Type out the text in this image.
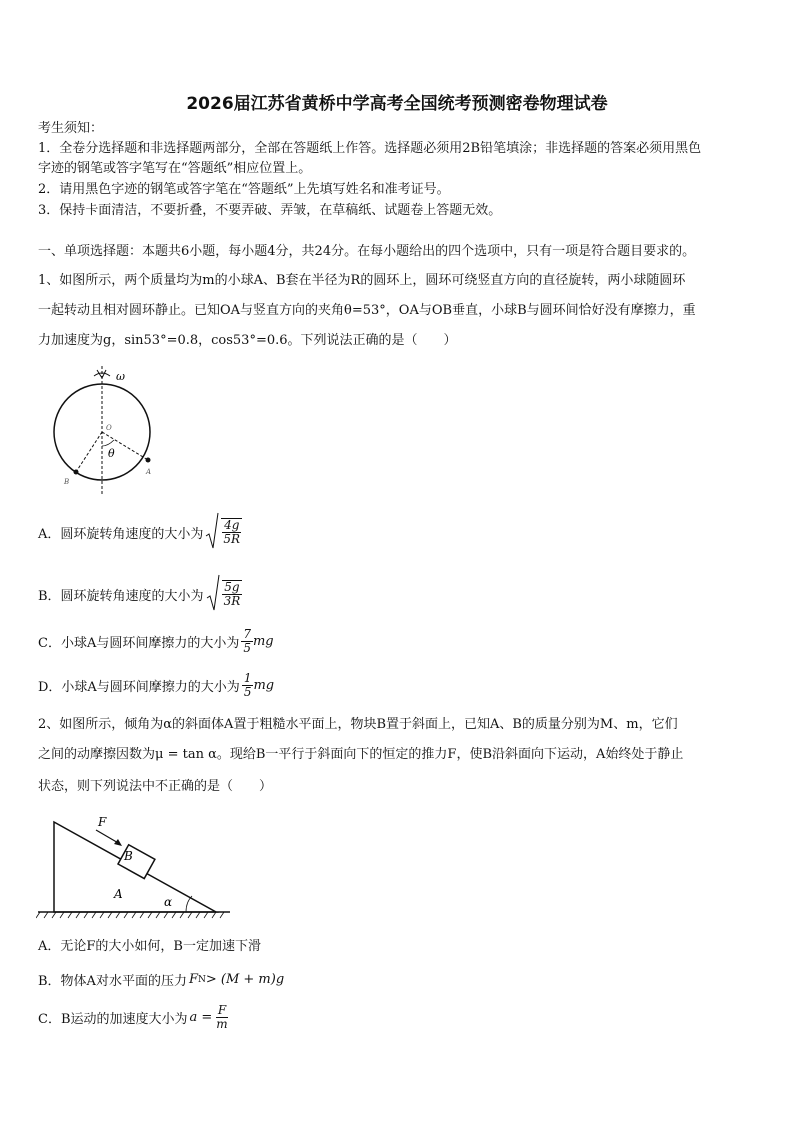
2026届江苏省黄桥中学高考全国统考预测密卷物理试卷
考生须知：
1．全卷分选择题和非选择题两部分，全部在答题纸上作答。选择题必须用2B铅笔填涂；非选择题的答案必须用黑色
字迹的钢笔或答字笔写在“答题纸”相应位置上。
2．请用黑色字迹的钢笔或答字笔在“答题纸”上先填写姓名和准考证号。
3．保持卡面清洁，不要折叠，不要弄破、弄皱，在草稿纸、试题卷上答题无效。
一、单项选择题：本题共6小题，每小题4分，共24分。在每小题给出的四个选项中，只有一项是符合题目要求的。
1、如图所示，两个质量均为m的小球A、B套在半径为R的圆环上，圆环可绕竖直方向的直径旋转，两小球随圆环
一起转动且相对圆环静止。已知OA与竖直方向的夹角θ=53°，OA与OB垂直，小球B与圆环间恰好没有摩擦力，重
力加速度为g，sin53°=0.8，cos53°=0.6。下列说法正确的是（　　）
ω
O
θ
A
B
A．圆环旋转角速度的大小为 $\frac{4g}{5R}$
B．圆环旋转角速度的大小为 $\frac{5g}{3R}$
C．小球A与圆环间摩擦力的大小为 $\frac{7}{5}$ mg
D．小球A与圆环间摩擦力的大小为 $\frac{1}{5}$ mg
2、如图所示，倾角为α的斜面体A置于粗糙水平面上，物块B置于斜面上，已知A、B的质量分别为M、m，它们
之间的动摩擦因数为μ = tan α。现给B一平行于斜面向下的恒定的推力F，使B沿斜面向下运动，A始终处于静止
状态，则下列说法中不正确的是（　　）
F
B
A
α
A．无论F的大小如何，B一定加速下滑
B．物体A对水平面的压力 F N > (M + m)g
C．B运动的加速度大小为 $a = \frac{F}{m}$
